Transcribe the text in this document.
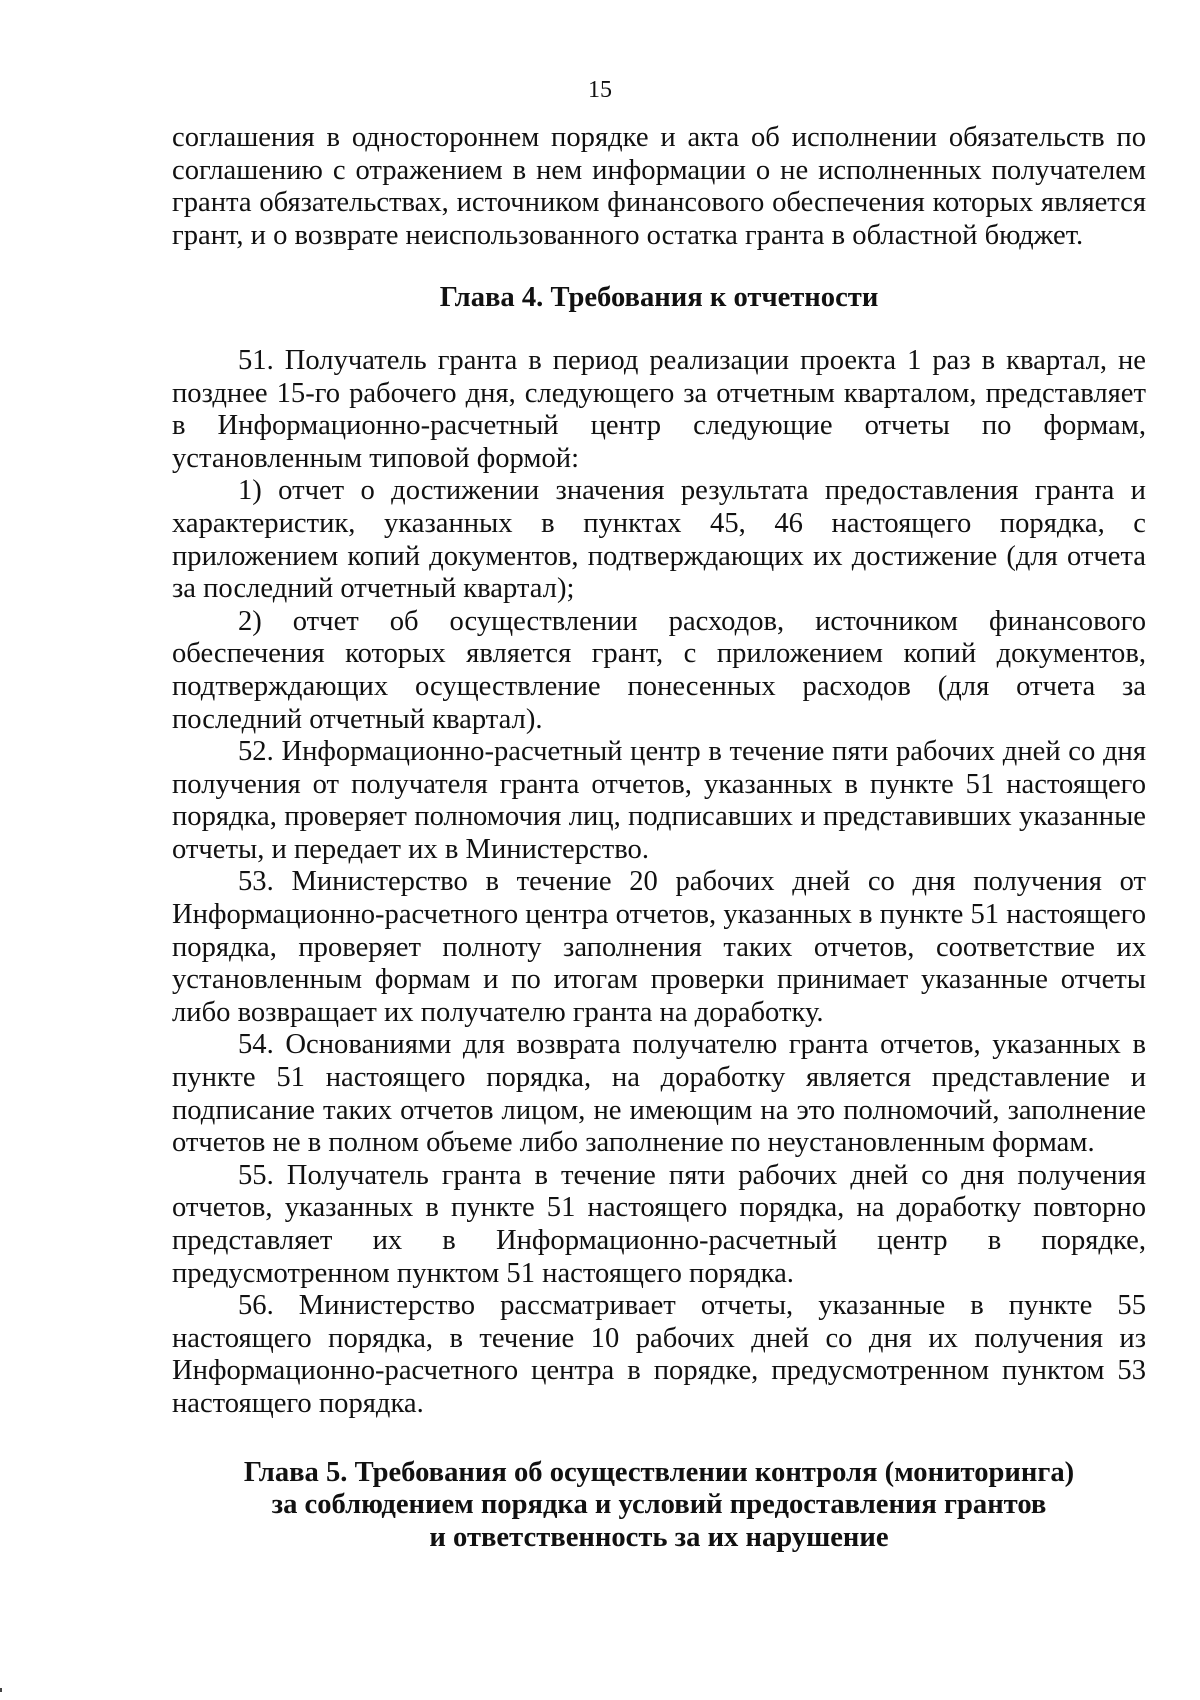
15

соглашения в одностороннем порядке и акта об исполнении обязательств по соглашению с отражением в нем информации о не исполненных получателем гранта обязательствах, источником финансового обеспечения которых является грант, и о возврате неиспользованного остатка гранта в областной бюджет.

Глава 4. Требования к отчетности

51. Получатель гранта в период реализации проекта 1 раз в квартал, не позднее 15-го рабочего дня, следующего за отчетным кварталом, представляет в Информационно-расчетный центр следующие отчеты по формам, установленным типовой формой:

1) отчет о достижении значения результата предоставления гранта и характеристик, указанных в пунктах 45, 46 настоящего порядка, с приложением копий документов, подтверждающих их достижение (для отчета за последний отчетный квартал);

2) отчет об осуществлении расходов, источником финансового обеспечения которых является грант, с приложением копий документов, подтверждающих осуществление понесенных расходов (для отчета за последний отчетный квартал).

52. Информационно-расчетный центр в течение пяти рабочих дней со дня получения от получателя гранта отчетов, указанных в пункте 51 настоящего порядка, проверяет полномочия лиц, подписавших и представивших указанные отчеты, и передает их в Министерство.

53. Министерство в течение 20 рабочих дней со дня получения от Информационно-расчетного центра отчетов, указанных в пункте 51 настоящего порядка, проверяет полноту заполнения таких отчетов, соответствие их установленным формам и по итогам проверки принимает указанные отчеты либо возвращает их получателю гранта на доработку.

54. Основаниями для возврата получателю гранта отчетов, указанных в пункте 51 настоящего порядка, на доработку является представление и подписание таких отчетов лицом, не имеющим на это полномочий, заполнение отчетов не в полном объеме либо заполнение по неустановленным формам.

55. Получатель гранта в течение пяти рабочих дней со дня получения отчетов, указанных в пункте 51 настоящего порядка, на доработку повторно представляет их в Информационно-расчетный центр в порядке, предусмотренном пунктом 51 настоящего порядка.

56. Министерство рассматривает отчеты, указанные в пункте 55 настоящего порядка, в течение 10 рабочих дней со дня их получения из Информационно-расчетного центра в порядке, предусмотренном пунктом 53 настоящего порядка.

Глава 5. Требования об осуществлении контроля (мониторинга)
за соблюдением порядка и условий предоставления грантов
и ответственность за их нарушение
